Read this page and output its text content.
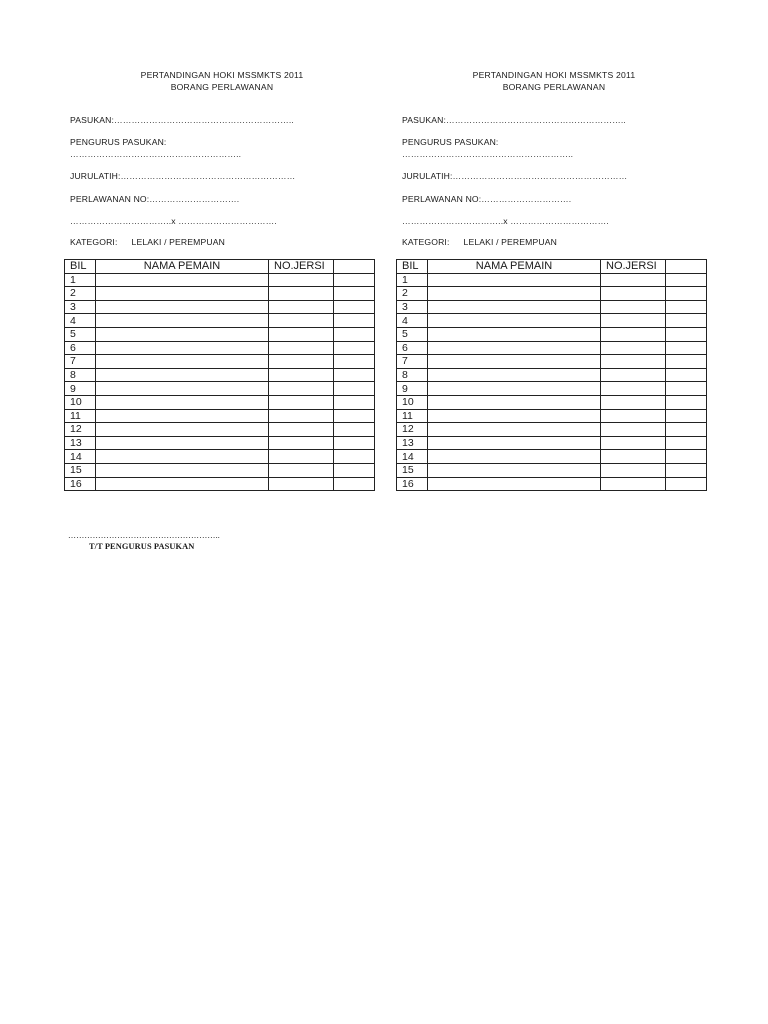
PERTANDINGAN HOKI MSSMKTS 2011
BORANG PERLAWANAN
PASUKAN:……………………………………………………..
PENGURUS PASUKAN:
…………………………………………………..
JURULATIH:……………………………………………………
PERLAWANAN NO:………………………….
……………………………..x …………………………….
KATEGORI: LELAKI / PEREMPUAN
BIL	NAMA PEMAIN	NO.JERSI	
1			
2			
3			
4			
5			
6			
7			
8			
9			
10			
11			
12			
13			
14			
15			
16			
PERTANDINGAN HOKI MSSMKTS 2011
BORANG PERLAWANAN
PASUKAN:……………………………………………………..
PENGURUS PASUKAN:
…………………………………………………..
JURULATIH:……………………………………………………
PERLAWANAN NO:………………………….
……………………………..x …………………………….
KATEGORI: LELAKI / PEREMPUAN
BIL	NAMA PEMAIN	NO.JERSI	
1			
2			
3			
4			
5			
6			
7			
8			
9			
10			
11			
12			
13			
14			
15			
16			
………………………………………………..
T/T PENGURUS PASUKAN
